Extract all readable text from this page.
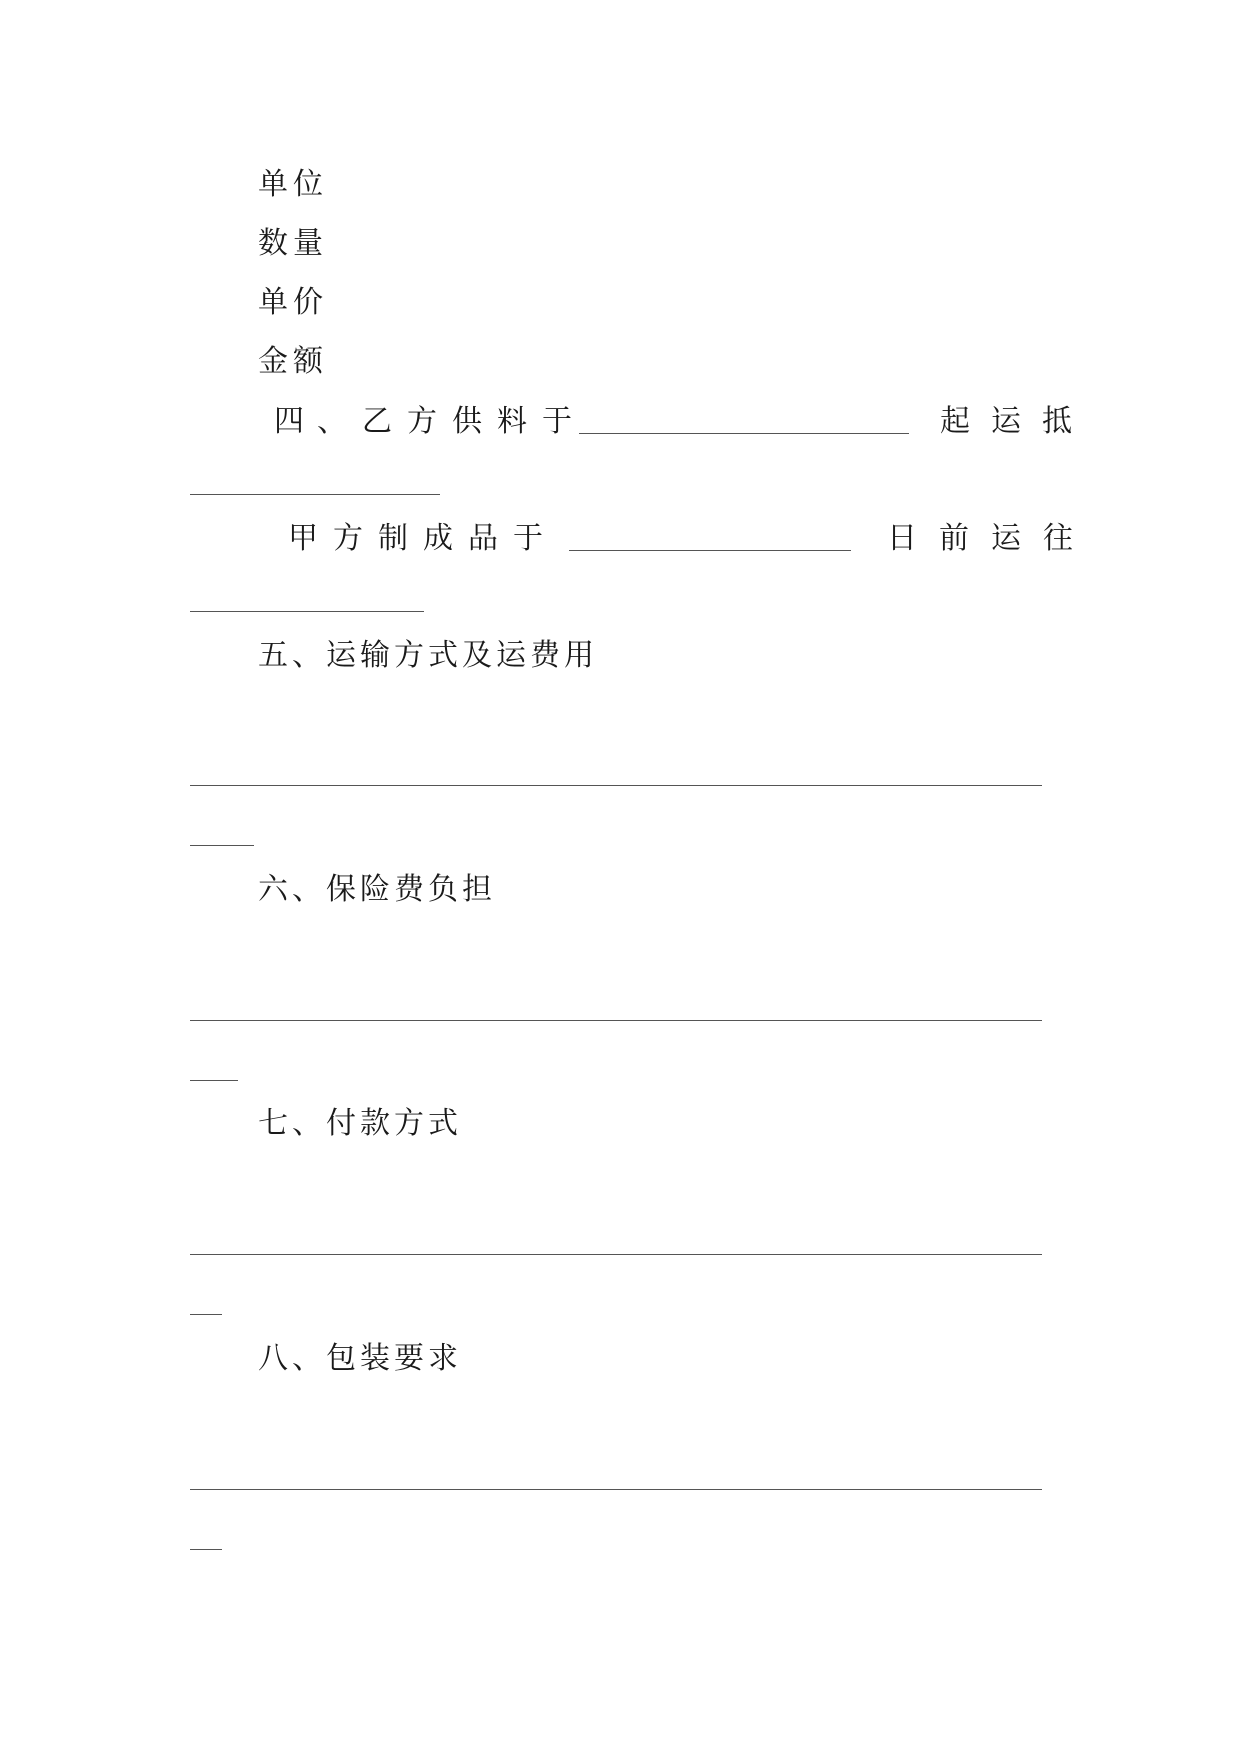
单位
数量
单价
金额
四 、 乙 方 供 料 于	起 运 抵
甲 方 制 成 品 于	日 前 运 往
五、运输方式及运费用
六、保险费负担
七、付款方式
八、包装要求
